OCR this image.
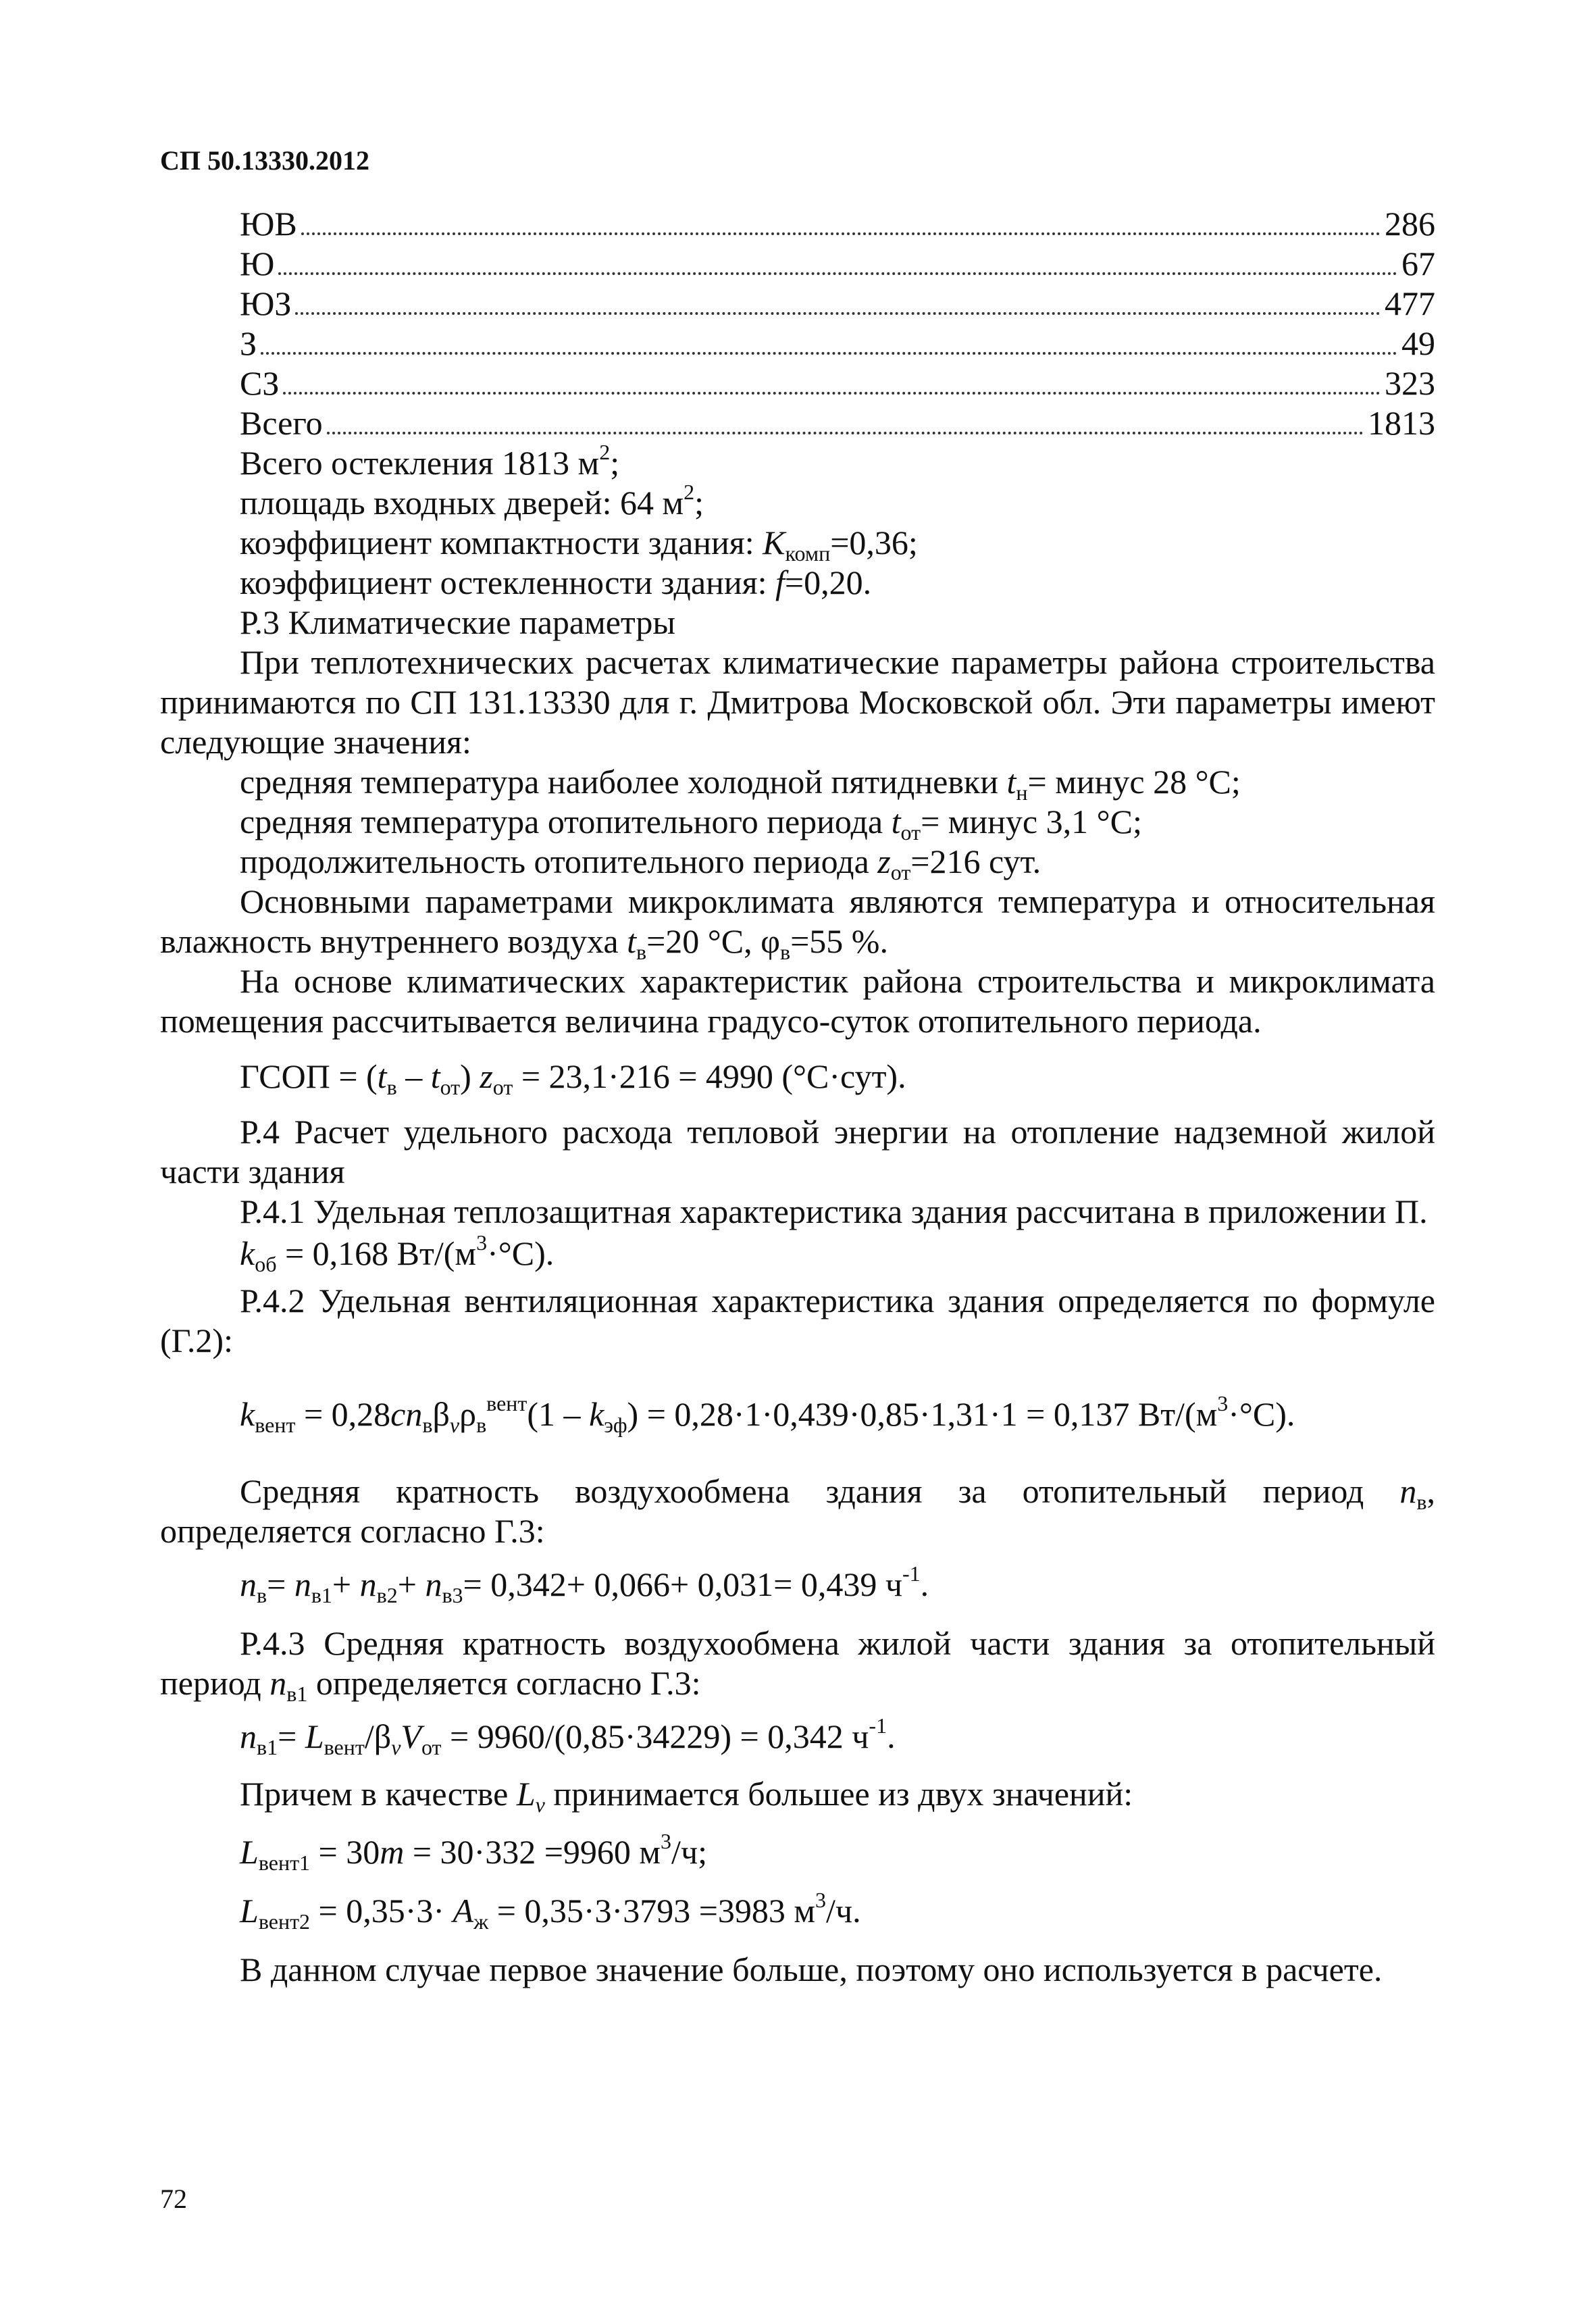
СП 50.13330.2012
ЮВ	286
Ю	67
ЮЗ	477
З	49
СЗ	323
Всего	1813
Всего остекления 1813 $м^2$;
площадь входных дверей: 64 $м^2$;
коэффициент компактности здания: $K_{комп}=0,36$;
коэффициент остекленности здания: f=0,20.
Р.3 Климатические параметры
При теплотехнических расчетах климатические параметры района строительства
принимаются по СП 131.13330 для г. Дмитрова Московской обл. Эти параметры имеют
следующие значения:
средняя температура наиболее холодной пятидневки $t_н=$ минус 28 °С;
средняя температура отопительного периода $t_{от}=$ минус 3,1 °С;
продолжительность отопительного периода $z_{от}=216$ сут.
Основными параметрами микроклимата являются температура и относительная
влажность внутреннего воздуха $t_в=20$ °С, $\varphi_в=55$ %.
На основе климатических характеристик района строительства и микроклимата
помещения рассчитывается величина градусо-суток отопительного периода.
ГСОП = $(t_в - t_{от}) z_{от} = 23,1\cdot 216 = 4990$ (°С·сут).
Р.4 Расчет удельного расхода тепловой энергии на отопление надземной жилой
части здания
Р.4.1 Удельная теплозащитная характеристика здания рассчитана в приложении П.
$k_{об} = 0,168$ $Вт/(м^3\cdot^\circ С)$.
Р.4.2 Удельная вентиляционная характеристика здания определяется по формуле
(Г.2):
$k_{вент} = 0,28cn_в\beta_v\rho_в^{вент}(1 - k_{эф}) = 0,28\cdot 1\cdot 0,439\cdot 0,85\cdot 1,31\cdot 1 = 0,137$ $Вт/(м^3\cdot^\circ С)$.
Средняя кратность воздухообмена здания за отопительный период $n_в$,
определяется согласно Г.3:
$n_в= n_{в1}+ n_{в2}+ n_{в3}= 0,342+ 0,066+ 0,031= 0,439$ $ч^{-1}$.
Р.4.3 Средняя кратность воздухообмена жилой части здания за отопительный
период $n_{в1}$ определяется согласно Г.3:
$n_{в1}= L_{вент}/\beta_vV_{от} = 9960/(0,85\cdot 34229) = 0,342$ $ч^{-1}$.
Причем в качестве $L_v$ принимается большее из двух значений:
$L_{вент1} = 30m = 30\cdot 332 =9960$ $м^3/ч$;
$L_{вент2} = 0,35\cdot 3\cdot A_ж = 0,35\cdot 3\cdot 3793 =3983$ $м^3/ч$.
В данном случае первое значение больше, поэтому оно используется в расчете.
72
